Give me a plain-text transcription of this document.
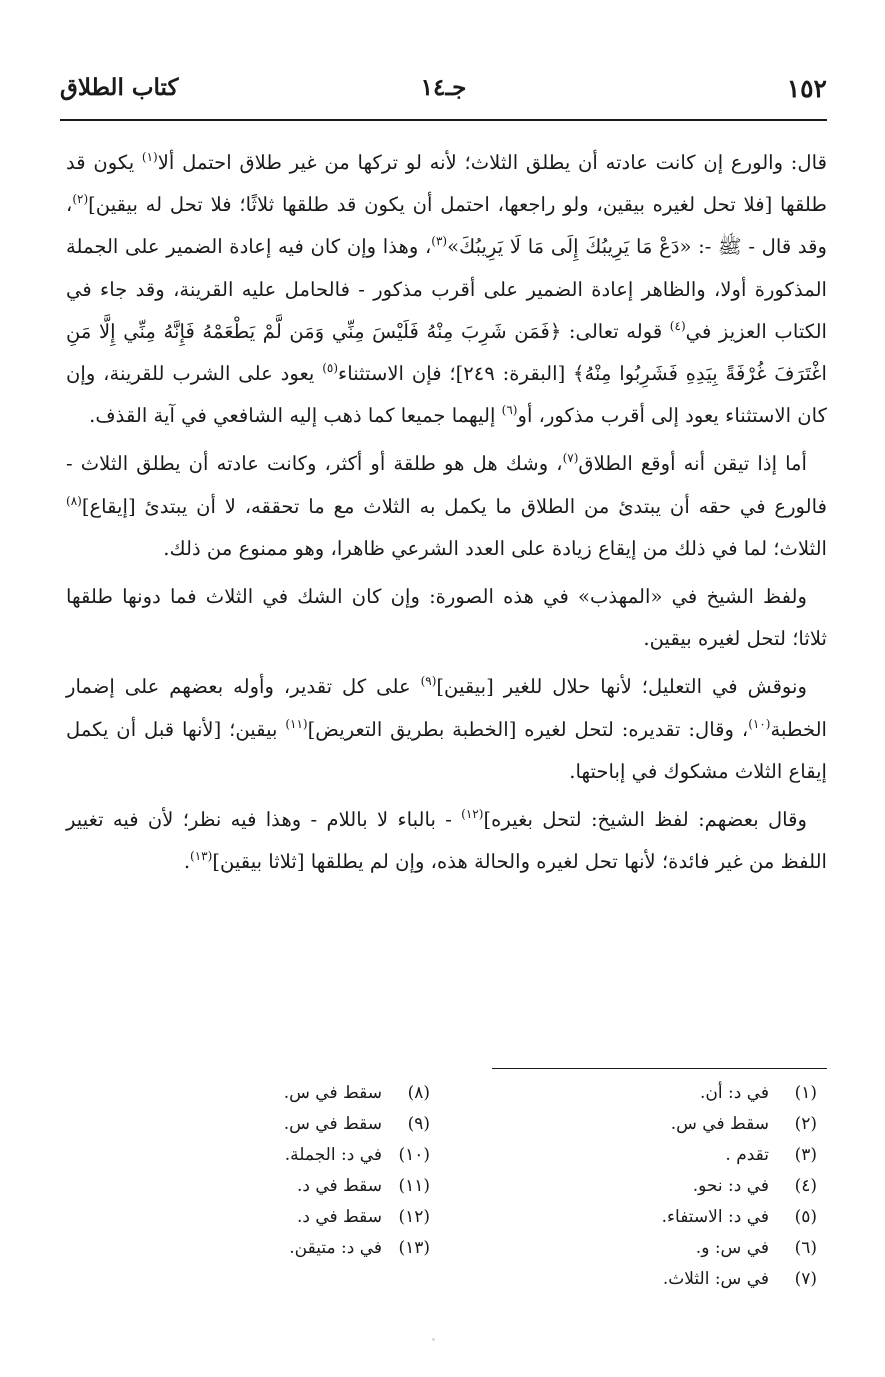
١٥٢
جـ١٤
كتاب الطلاق

قال: والورع إن كانت عادته أن يطلق الثلاث؛ لأنه لو تركها من غير طلاق احتمل ألا$^{(١)}$ يكون قد طلقها [فلا تحل لغيره بيقين، ولو راجعها، احتمل أن يكون قد طلقها ثلاثًا؛ فلا تحل له بيقين]$^{(٢)}$، وقد قال - ﷺ -: «دَعْ مَا يَرِيبُكَ إِلَى مَا لَا يَرِيبُكَ»$^{(٣)}$، وهذا وإن كان فيه إعادة الضمير على الجملة المذكورة أولا، والظاهر إعادة الضمير على أقرب مذكور - فالحامل عليه القرينة، وقد جاء في الكتاب العزيز في$^{(٤)}$ قوله تعالى: ﴿فَمَن شَرِبَ مِنْهُ فَلَيْسَ مِنِّي وَمَن لَّمْ يَطْعَمْهُ فَإِنَّهُ مِنِّي إِلَّا مَنِ اغْتَرَفَ غُرْفَةً بِيَدِهِ فَشَرِبُوا مِنْهُ﴾ [البقرة: ٢٤٩]؛ فإن الاستثناء$^{(٥)}$ يعود على الشرب للقرينة، وإن كان الاستثناء يعود إلى أقرب مذكور، أو$^{(٦)}$ إليهما جميعا كما ذهب إليه الشافعي في آية القذف.

أما إذا تيقن أنه أوقع الطلاق$^{(٧)}$، وشك هل هو طلقة أو أكثر، وكانت عادته أن يطلق الثلاث - فالورع في حقه أن يبتدئ من الطلاق ما يكمل به الثلاث مع ما تحققه، لا أن يبتدئ [إيقاع]$^{(٨)}$ الثلاث؛ لما في ذلك من إيقاع زيادة على العدد الشرعي ظاهرا، وهو ممنوع من ذلك.

ولفظ الشيخ في «المهذب» في هذه الصورة: وإن كان الشك في الثلاث فما دونها طلقها ثلاثا؛ لتحل لغيره بيقين.

ونوقش في التعليل؛ لأنها حلال للغير [بيقين]$^{(٩)}$ على كل تقدير، وأوله بعضهم على إضمار الخطبة$^{(١٠)}$، وقال: تقديره: لتحل لغيره [الخطبة بطريق التعريض]$^{(١١)}$ بيقين؛ [لأنها قبل أن يكمل إيقاع الثلاث مشكوك في إباحتها.

وقال بعضهم: لفظ الشيخ: لتحل بغيره]$^{(١٢)}$ - بالباء لا باللام - وهذا فيه نظر؛ لأن فيه تغيير اللفظ من غير فائدة؛ لأنها تحل لغيره والحالة هذه، وإن لم يطلقها [ثلاثا بيقين]$^{(١٣)}$.

(١)في د: أن.
(٢)سقط في س.
(٣)تقدم .
(٤)في د: نحو.
(٥)في د: الاستفاء.
(٦)في س: و.
(٧)في س: الثلاث.
(٨)سقط في س.
(٩)سقط في س.
(١٠)في د: الجملة.
(١١)سقط في د.
(١٢)سقط في د.
(١٣)في د: متيقن.
